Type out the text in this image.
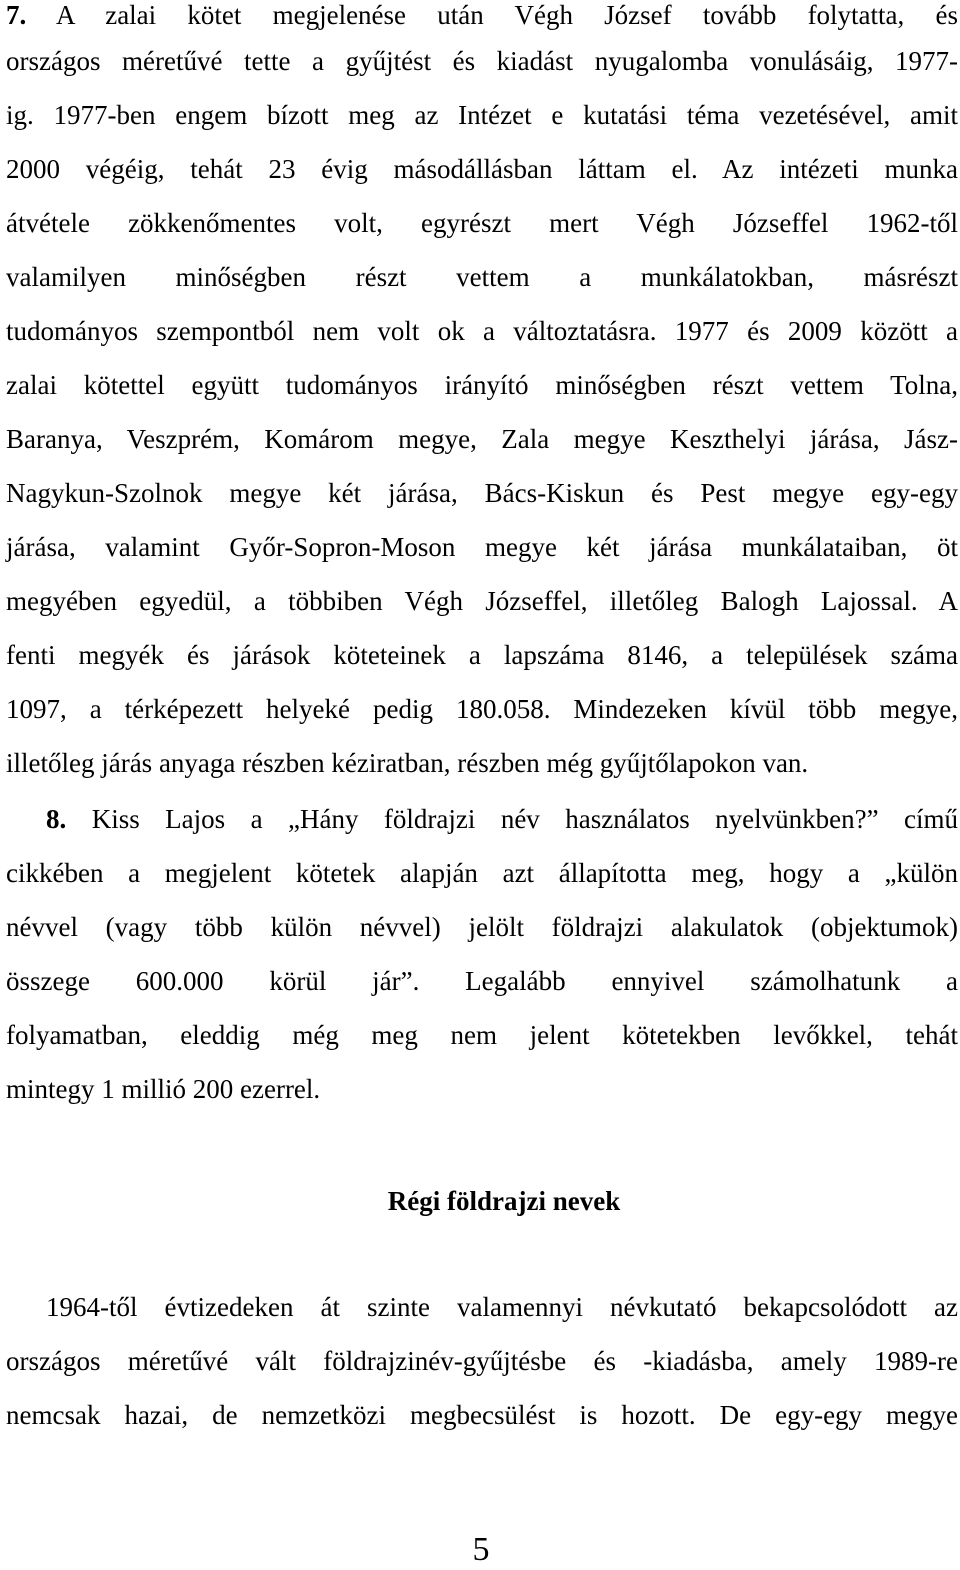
7. A zalai kötet megjelenése után Végh József tovább folytatta, és
országos méretűvé tette a gyűjtést és kiadást nyugalomba vonulásáig, 1977-
ig. 1977-ben engem bízott meg az Intézet e kutatási téma vezetésével, amit
2000 végéig, tehát 23 évig másodállásban láttam el. Az intézeti munka
átvétele zökkenőmentes volt, egyrészt mert Végh Józseffel 1962-től
valamilyen minőségben részt vettem a munkálatokban, másrészt
tudományos szempontból nem volt ok a változtatásra. 1977 és 2009 között a
zalai kötettel együtt tudományos irányító minőségben részt vettem Tolna,
Baranya, Veszprém, Komárom megye, Zala megye Keszthelyi járása, Jász-
Nagykun-Szolnok megye két járása, Bács-Kiskun és Pest megye egy-egy
járása, valamint Győr-Sopron-Moson megye két járása munkálataiban, öt
megyében egyedül, a többiben Végh Józseffel, illetőleg Balogh Lajossal. A
fenti megyék és járások köteteinek a lapszáma 8146, a települések száma
1097, a térképezett helyeké pedig 180.058. Mindezeken kívül több megye,
illetőleg járás anyaga részben kéziratban, részben még gyűjtőlapokon van.
8. Kiss Lajos a „Hány földrajzi név használatos nyelvünkben?” című
cikkében a megjelent kötetek alapján azt állapította meg, hogy a „külön
névvel (vagy több külön névvel) jelölt földrajzi alakulatok (objektumok)
összege 600.000 körül jár”. Legalább ennyivel számolhatunk a
folyamatban, eleddig még meg nem jelent kötetekben levőkkel, tehát
mintegy 1 millió 200 ezerrel.
Régi földrajzi nevek
1964-től évtizedeken át szinte valamennyi névkutató bekapcsolódott az
országos méretűvé vált földrajzinév-gyűjtésbe és -kiadásba, amely 1989-re
nemcsak hazai, de nemzetközi megbecsülést is hozott. De egy-egy megye
5
